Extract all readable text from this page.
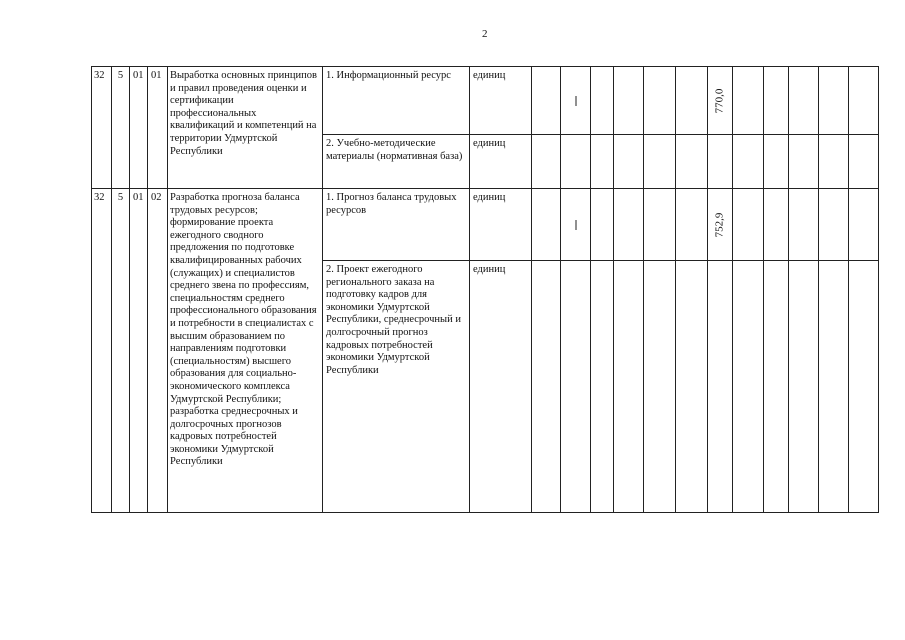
2
32	5	01	01	Выработка основных принципов и правил проведения оценки и сертификации профессиональных квалификаций и компетенций на территории Удмуртской Республики	1. Информационный ресурс	единиц							770,0					

					2. Учебно-методические материалы (нормативная база)	единиц												
32	5	01	02	Разработка прогноза баланса трудовых ресурсов; формирование проекта ежегодного сводного предложения по подготовке квалифицированных рабочих (служащих) и специалистов среднего звена по профессиям, специальностям среднего профессионального образования и потребности в специалистах с высшим образованием по направлениям подготовки (специальностям) высшего образования для социально-экономического комплекса Удмуртской Республики; разработка среднесрочных и долгосрочных прогнозов кадровых потребностей экономики Удмуртской Республики	1. Прогноз баланса трудовых ресурсов	единиц							752,9					

					2. Проект ежегодного регионального заказа на подготовку кадров для экономики Удмуртской Республики, среднесрочный и долгосрочный прогноз кадровых потребностей экономики Удмуртской Республики	единиц												
